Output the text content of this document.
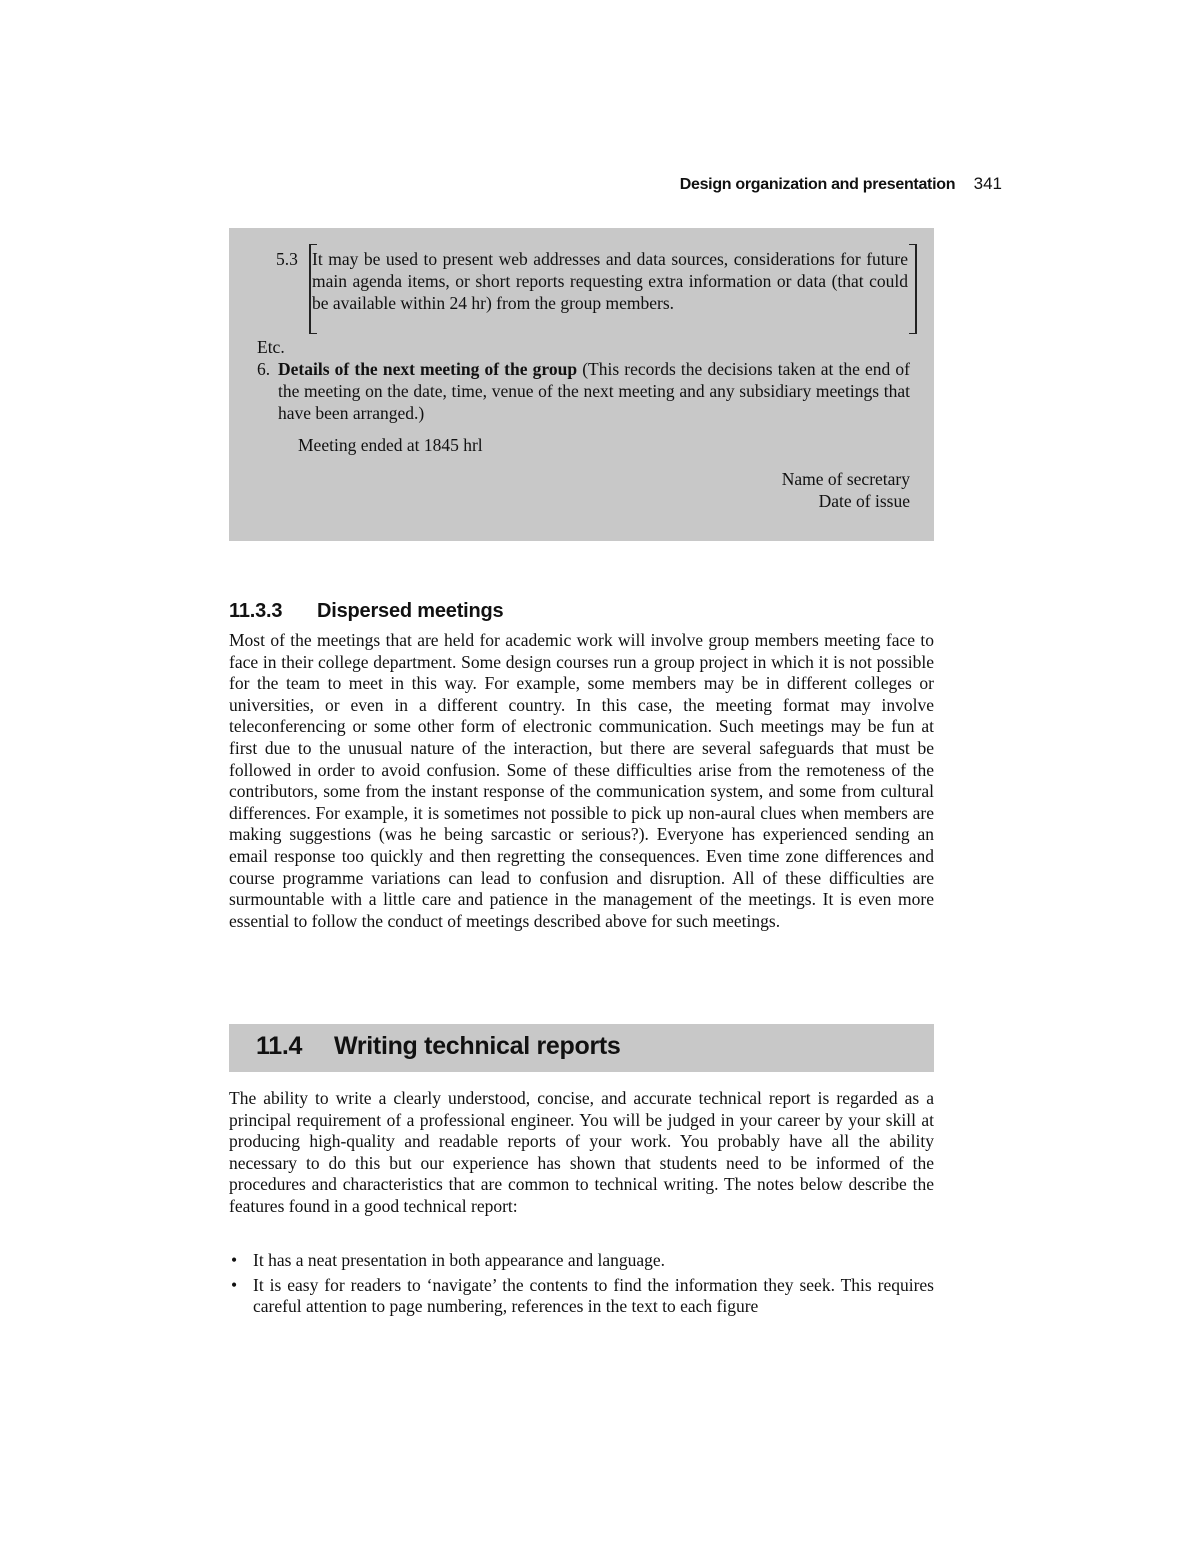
Design organization and presentation 341
5.3 It may be used to present web addresses and data sources, considerations for future main agenda items, or short reports requesting extra information or data (that could be available within 24 hr) from the group members.
Etc.
6. Details of the next meeting of the group (This records the decisions taken at the end of the meeting on the date, time, venue of the next meeting and any subsidiary meetings that have been arranged.)
Meeting ended at 1845 hrl
Name of secretary
Date of issue
11.3.3 Dispersed meetings
Most of the meetings that are held for academic work will involve group members meeting face to face in their college department. Some design courses run a group project in which it is not possible for the team to meet in this way. For example, some members may be in different colleges or universities, or even in a different country. In this case, the meeting format may involve teleconferencing or some other form of electronic communication. Such meetings may be fun at first due to the unusual nature of the interaction, but there are several safeguards that must be followed in order to avoid confusion. Some of these difficulties arise from the remoteness of the contributors, some from the instant response of the communication system, and some from cultural differences. For example, it is sometimes not possible to pick up non-aural clues when members are making suggestions (was he being sarcastic or serious?). Everyone has experienced sending an email response too quickly and then regretting the consequences. Even time zone differences and course programme variations can lead to confusion and disruption. All of these difficulties are surmountable with a little care and patience in the management of the meetings. It is even more essential to follow the conduct of meetings described above for such meetings.
11.4 Writing technical reports
The ability to write a clearly understood, concise, and accurate technical report is regarded as a principal requirement of a professional engineer. You will be judged in your career by your skill at producing high-quality and readable reports of your work. You probably have all the ability necessary to do this but our experience has shown that students need to be informed of the procedures and characteristics that are common to technical writing. The notes below describe the features found in a good technical report:
• It has a neat presentation in both appearance and language.
• It is easy for readers to ‘navigate’ the contents to find the information they seek. This requires careful attention to page numbering, references in the text to each figure
